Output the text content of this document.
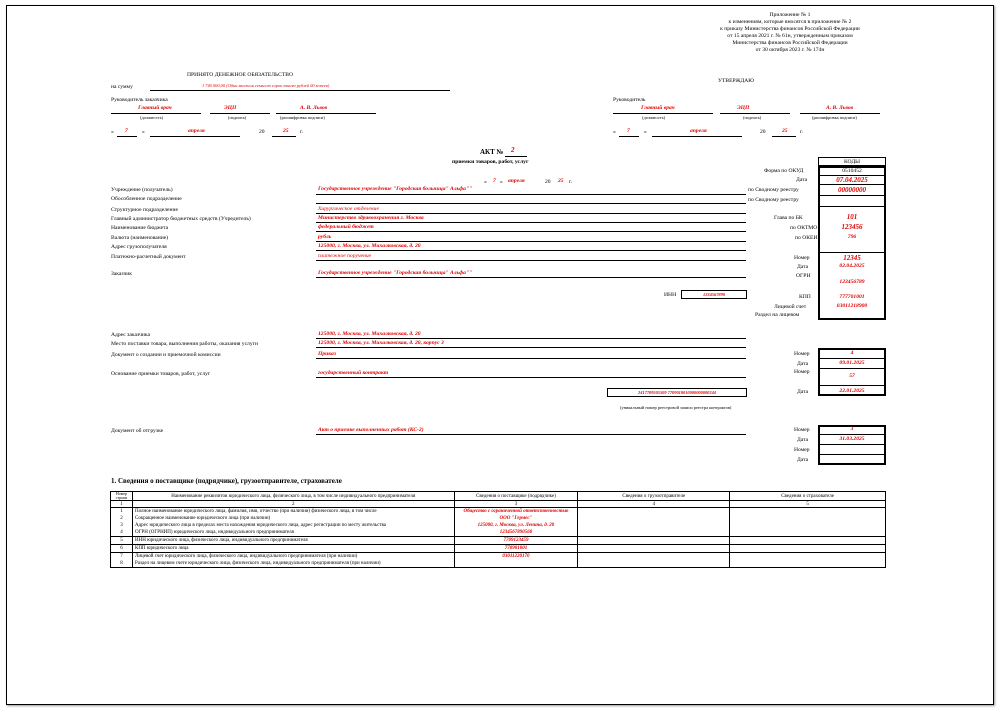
Приложение № 1
к изменениям, которые вносятся в приложение № 2
к приказу Министерства финансов Российской Федерации
от 15 апреля 2021 г. № 61н, утвержденным приказом
Министерства финансов Российской Федерации
от 30 октября 2023 г. № 174н
ПРИНЯТО ДЕНЕЖНОЕ ОБЯЗАТЕЛЬСТВО
на сумму	1 740 000,00 (Один миллион семьсот сорок тысяч рублей 00 копеек)
Руководитель заказчика
Главный врач	ЭЦП	А. В. Львов
(должность)	(подпись)	(расшифровка подписи)
« 7	»	апреля	20	25 г.
УТВЕРЖДАЮ
Руководитель
Главный врач	ЭЦП	А. В. Львов
(должность)	(подпись)	(расшифровка подписи)
« 7	»	апреля	20	25 г.
АКТ № 2
приемки товаров, работ, услуг
« 7 » апреля	20 25 г.
КОДЫ
Форма по ОКУД	0510452
Дата	07.04.2025
по Сводному реестру	00000000
по Сводному реестру
Глава по БК	101
по ОКТМО	123456
по ОКЕИ	796
Номер	12345
Дата	02.04.2025
ОГРН
123456789
КПП	777701001
Лицевой счет	03011218900
Раздел на лицевом
Учреждение (получатель)	Государственное учреждение "Городская больница" Альфа""
Обособленное подразделение
Структурное подразделение	Хирургическое отделение
Главный администратор бюджетных средств (Учредитель)	Министерство здравоохранения г. Москва
Наименование бюджета	федеральный бюджет
Валюта (наименование)	рубль
Адрес грузополучателя	125000, г. Москва, ул. Михалковская, д. 20
Платежно-расчетный документ	платежное поручение
Заказчик	Государственное учреждение "Городская больница" Альфа""
ИНН	1234567890
Адрес заказчика	125000, г. Москва, ул. Михалковская, д. 20
Место поставки товара, выполнения работы, оказания услуги	125000, г. Москва, ул. Михалковская, д. 20, корпус 3
Документ о создании и приемочной комиссии	Приказ
Основание приемки товаров, работ, услуг	государственный контракт
2417709505509 7709010010000000000244
(уникальный номер реестровой записи реестра контрактов)
Документ об отгрузке	Акт о приемке выполненных работ (КС-2)
Номер	4
Дата	09.01.2025
Номер
57
Дата	22.01.2025
Номер	3
Дата	31.03.2025
Номер
Дата
1. Сведения о поставщике (подрядчике), грузоотправителе, страхователе
Номер строки	Наименование реквизитов юридического лица, физического лица, в том числе индивидуального предпринимателя	Сведения о поставщике (подрядчике)	Сведения о грузоотправителе	Сведения о страхователе
1	2	3	4	5
1	Полное наименование юридического лица, фамилия, имя, отчество (при наличии) физического лица, в том числе	Общество с ограниченной ответственностью		
2	Сокращенное наименование юридического лица (при наличии)	ООО "Гермес"		
3	Адрес юридического лица в пределах места нахождения юридического лица, адрес регистрации по месту жительства	125000, г. Москва, ул. Ленина, д. 20		
4	ОГРН (ОГРНИП) юридического лица, индивидуального предпринимателя	1234567890560		
5	ИНН юридического лица, физического лица, индивидуального предпринимателя	7709123459		
6	КПП юридического лица	770901001		
7	Лицевой счет юридического лица, физического лица, индивидуального предпринимателя (при наличии)	03011220170		
8	Раздел на лицевом счете юридического лица, физического лица, индивидуального предпринимателя (при наличии)			
